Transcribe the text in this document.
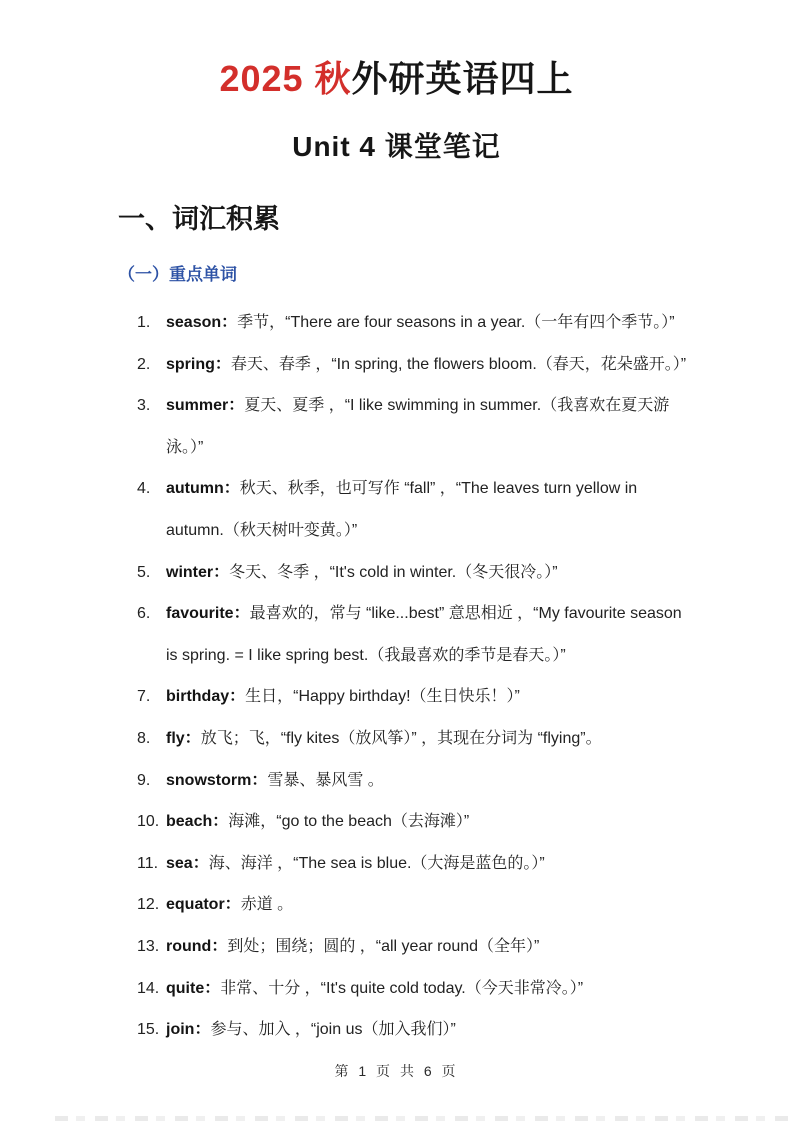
2025 秋外研英语四上
Unit 4 课堂笔记
一、词汇积累
（一）重点单词
1. season：季节，“There are four seasons in a year.（一年有四个季节。）”
2. spring：春天、春季 ，“In spring, the flowers bloom.（春天，花朵盛开。）”
3. summer：夏天、夏季 ，“I like swimming in summer.（我喜欢在夏天游泳。）”
4. autumn：秋天、秋季，也可写作 “fall” ，“The leaves turn yellow in autumn.（秋天树叶变黄。）”
5. winter：冬天、冬季 ，“It's cold in winter.（冬天很冷。）”
6. favourite：最喜欢的，常与 “like...best” 意思相近 ，“My favourite season is spring. = I like spring best.（我最喜欢的季节是春天。）”
7. birthday：生日，“Happy birthday!（生日快乐！）”
8. fly：放飞；飞，“fly kites（放风筝）” ，其现在分词为 “flying”。
9. snowstorm：雪暴、暴风雪 。
10. beach：海滩，“go to the beach（去海滩）”
11. sea：海、海洋 ，“The sea is blue.（大海是蓝色的。）”
12. equator：赤道 。
13. round：到处；围绕；圆的 ，“all year round（全年）”
14. quite：非常、十分 ，“It's quite cold today.（今天非常冷。）”
15. join：参与、加入 ，“join us（加入我们）”
第 1 页 共 6 页
